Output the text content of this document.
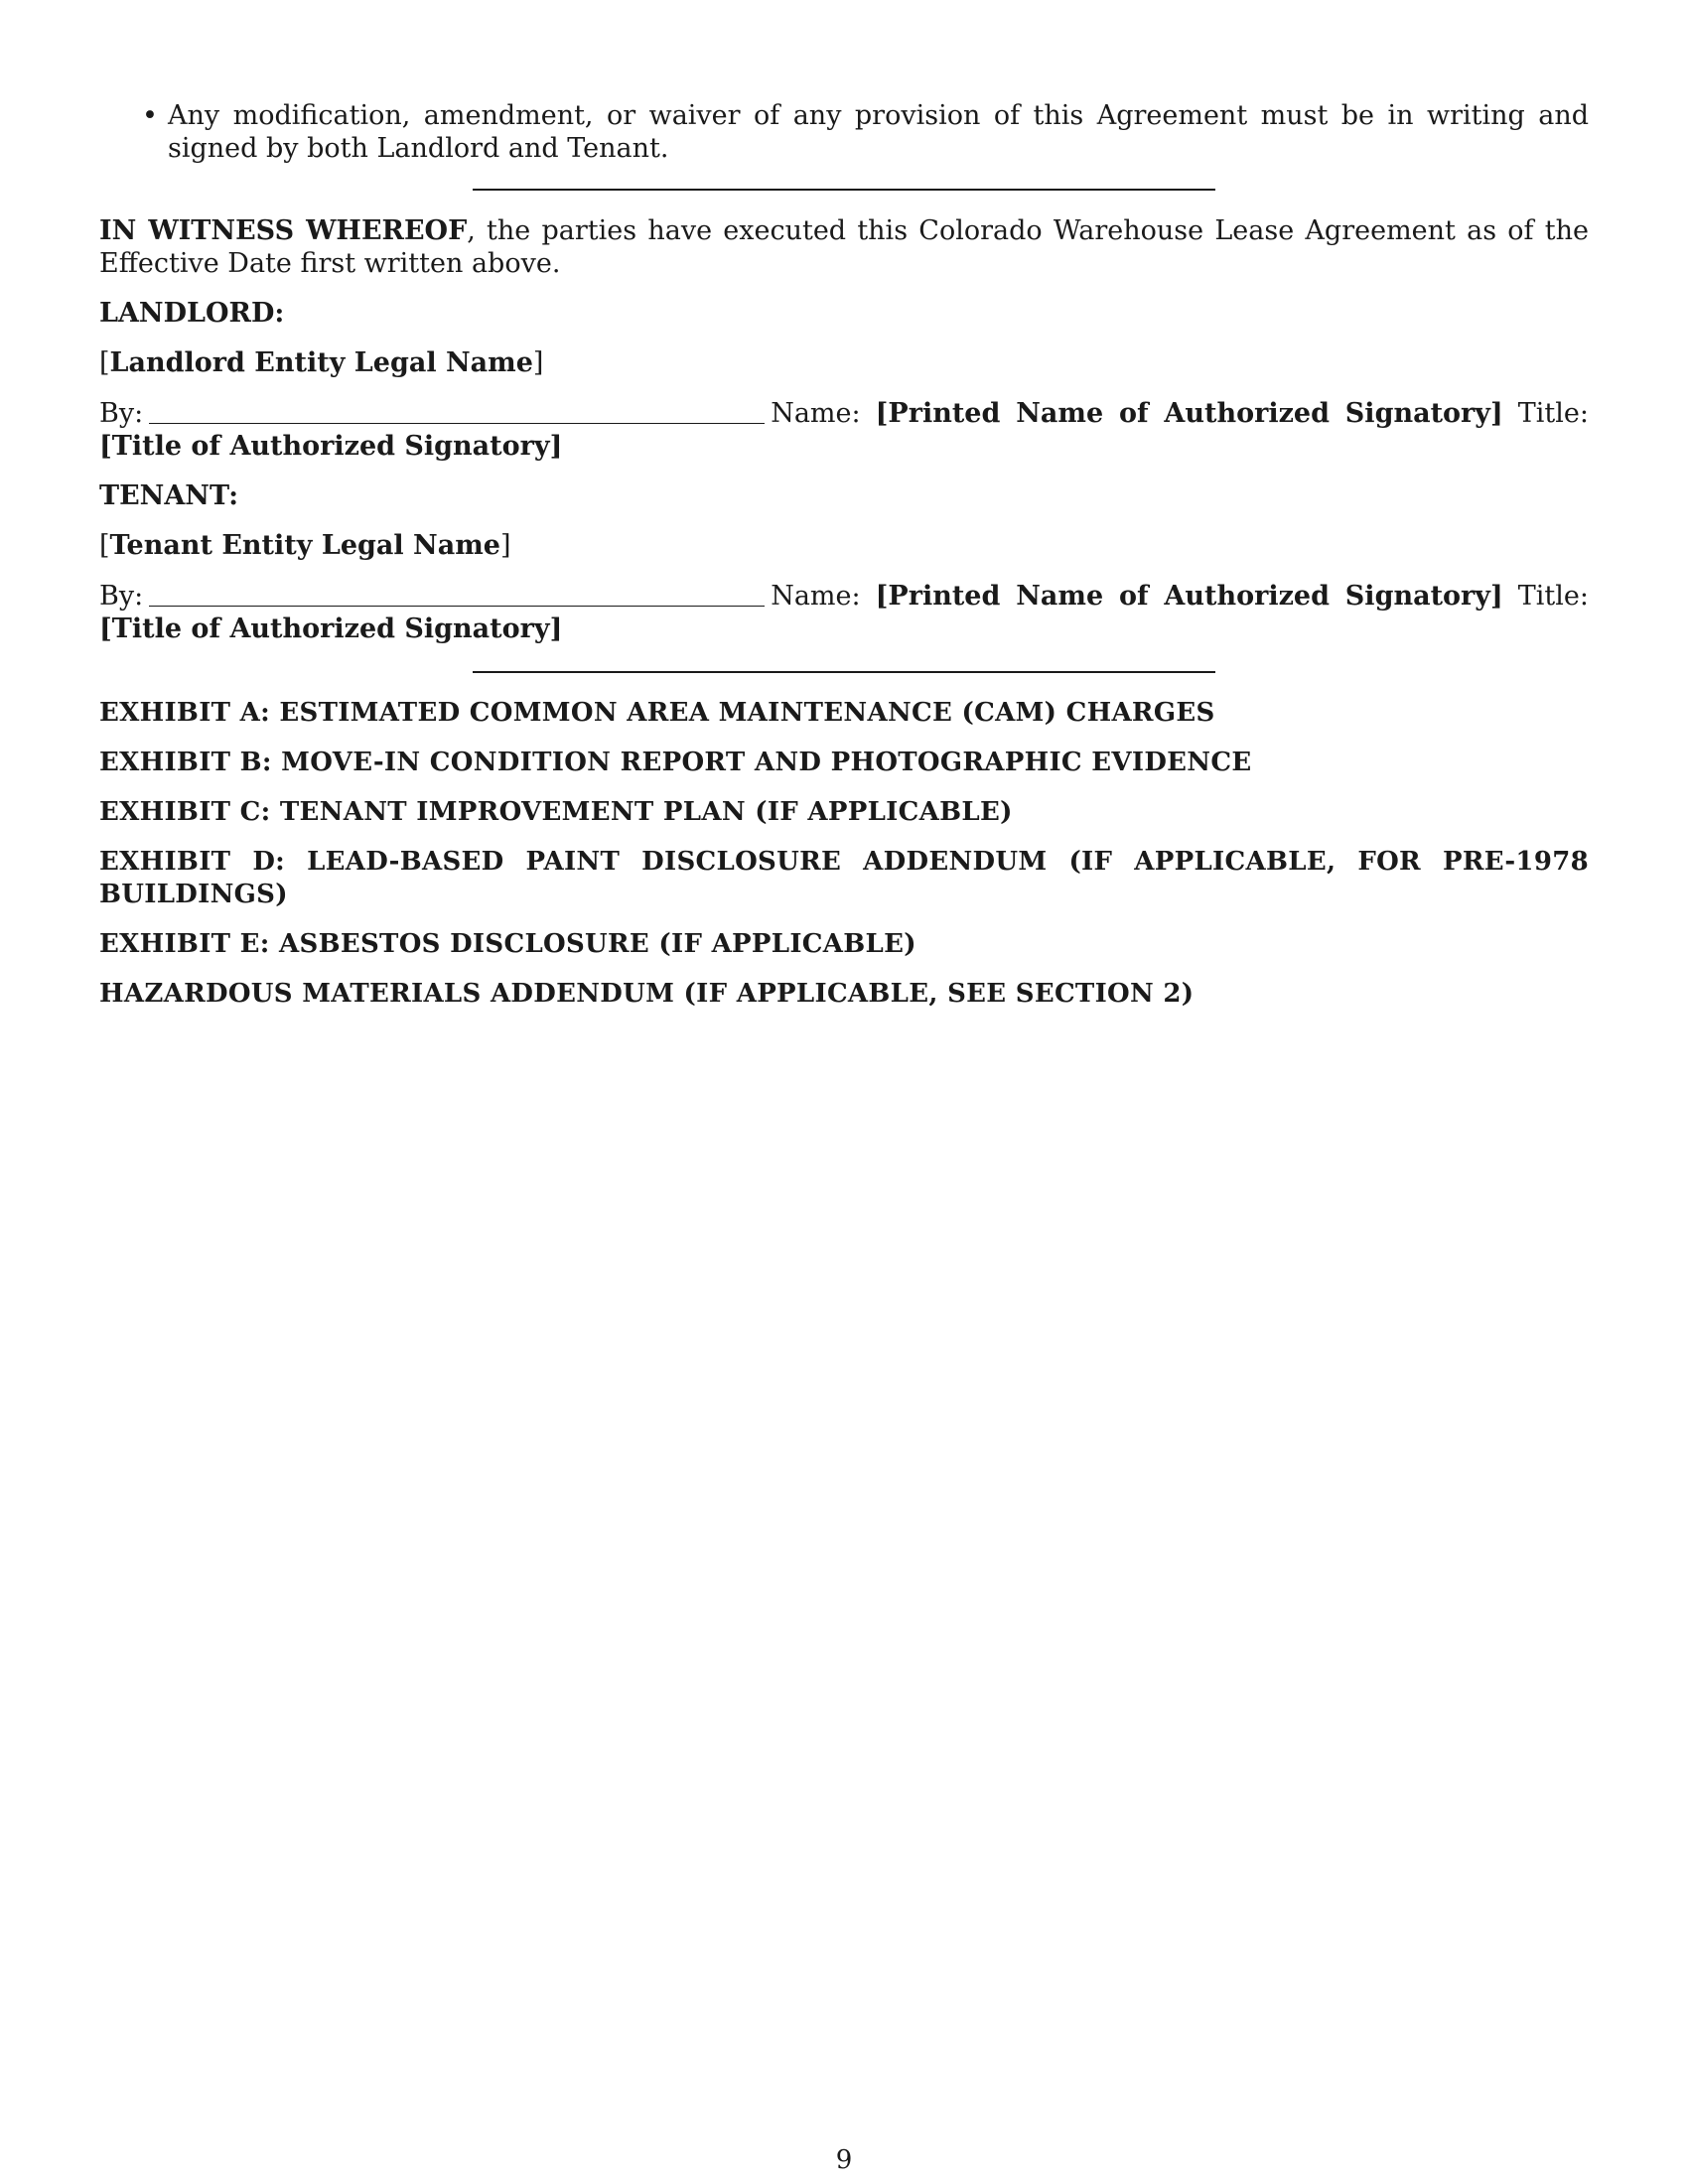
• Any modification, amendment, or waiver of any provision of this Agreement must be in writing and signed by both Landlord and Tenant.

IN WITNESS WHEREOF, the parties have executed this Colorado Warehouse Lease Agreement as of the Effective Date first written above.

LANDLORD:

[Landlord Entity Legal Name]

By:	Name: [Printed Name of Authorized Signatory] Title: [Title of Authorized Signatory]

TENANT:

[Tenant Entity Legal Name]

By:	Name: [Printed Name of Authorized Signatory] Title: [Title of Authorized Signatory]

EXHIBIT A: ESTIMATED COMMON AREA MAINTENANCE (CAM) CHARGES

EXHIBIT B: MOVE-IN CONDITION REPORT AND PHOTOGRAPHIC EVIDENCE

EXHIBIT C: TENANT IMPROVEMENT PLAN (IF APPLICABLE)

EXHIBIT D: LEAD-BASED PAINT DISCLOSURE ADDENDUM (IF APPLICABLE, FOR PRE-1978 BUILDINGS)

EXHIBIT E: ASBESTOS DISCLOSURE (IF APPLICABLE)

HAZARDOUS MATERIALS ADDENDUM (IF APPLICABLE, SEE SECTION 2)

9
